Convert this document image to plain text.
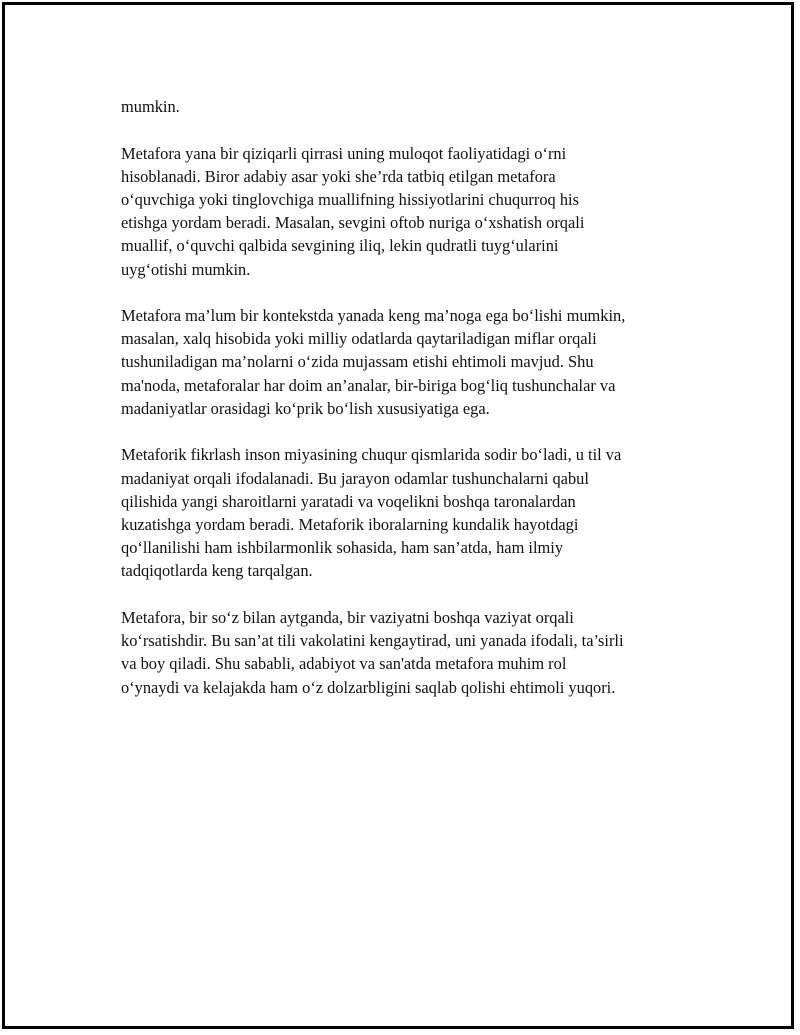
mumkin.
Metafora yana bir qiziqarli qirrasi uning muloqot faoliyatidagi o‘rni
hisoblanadi. Biror adabiy asar yoki she’rda tatbiq etilgan metafora
o‘quvchiga yoki tinglovchiga muallifning hissiyotlarini chuqurroq his
etishga yordam beradi. Masalan, sevgini oftob nuriga o‘xshatish orqali
muallif, o‘quvchi qalbida sevgining iliq, lekin qudratli tuyg‘ularini
uyg‘otishi mumkin.
Metafora ma’lum bir kontekstda yanada keng ma’noga ega bo‘lishi mumkin,
masalan, xalq hisobida yoki milliy odatlarda qaytariladigan miflar orqali
tushuniladigan ma’nolarni o‘zida mujassam etishi ehtimoli mavjud. Shu
ma'noda, metaforalar har doim an’analar, bir-biriga bog‘liq tushunchalar va
madaniyatlar orasidagi ko‘prik bo‘lish xususiyatiga ega.
Metaforik fikrlash inson miyasining chuqur qismlarida sodir bo‘ladi, u til va
madaniyat orqali ifodalanadi. Bu jarayon odamlar tushunchalarni qabul
qilishida yangi sharoitlarni yaratadi va voqelikni boshqa taronalardan
kuzatishga yordam beradi. Metaforik iboralarning kundalik hayotdagi
qo‘llanilishi ham ishbilarmonlik sohasida, ham san’atda, ham ilmiy
tadqiqotlarda keng tarqalgan.
Metafora, bir so‘z bilan aytganda, bir vaziyatni boshqa vaziyat orqali
ko‘rsatishdir. Bu san’at tili vakolatini kengaytirad, uni yanada ifodali, ta’sirli
va boy qiladi. Shu sababli, adabiyot va san'atda metafora muhim rol
o‘ynaydi va kelajakda ham o‘z dolzarbligini saqlab qolishi ehtimoli yuqori.
